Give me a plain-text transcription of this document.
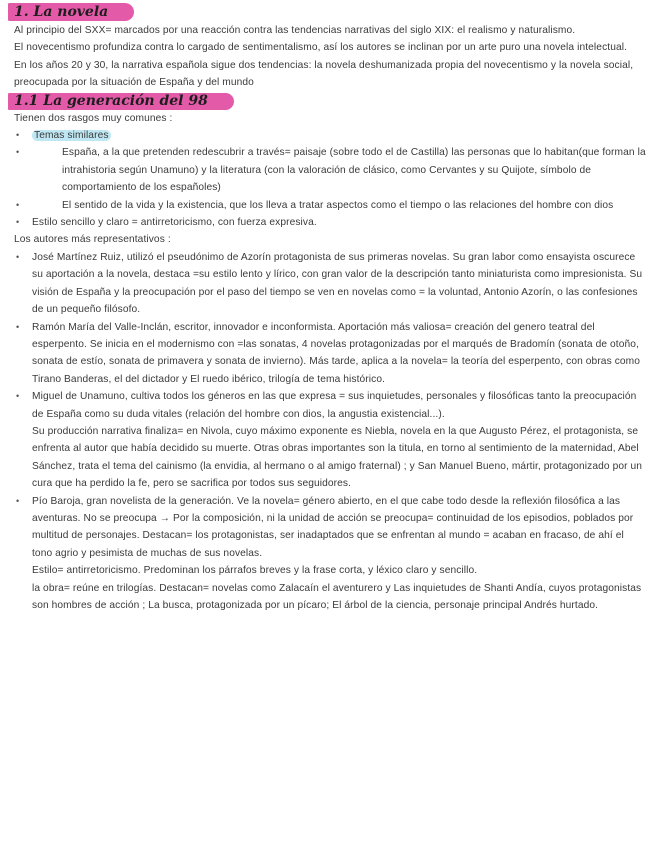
1. La novela

Al principio del SXX= marcados por una reacción contra las tendencias narrativas del siglo XIX: el realismo y naturalismo.

El novecentismo profundiza contra lo cargado de sentimentalismo, así los autores se inclinan por un arte puro una novela intelectual.

En los años 20 y 30, la narrativa española sigue dos tendencias: la novela deshumanizada propia del novecentismo y la novela social, preocupada por la situación de España y del mundo

1.1 La generación del 98

Tienen dos rasgos muy comunes :

• Temas similares

• España, a la que pretenden redescubrir a través= paisaje (sobre todo el de Castilla) las personas que lo habitan(que forman la intrahistoria según Unamuno) y la literatura (con la valoración de clásico, como Cervantes y su Quijote, símbolo de comportamiento de los españoles)

• El sentido de la vida y la existencia, que los lleva a tratar aspectos como el tiempo o las relaciones del hombre con dios

• Estilo sencillo y claro = antirretoricismo, con fuerza expresiva.

Los autores más representativos :

• José Martínez Ruiz, utilizó el pseudónimo de Azorín protagonista de sus primeras novelas. Su gran labor como ensayista oscurece su aportación a la novela, destaca =su estilo lento y lírico, con gran valor de la descripción tanto miniaturista como impresionista. Su visión de España y la preocupación por el paso del tiempo se ven en novelas como = la voluntad, Antonio Azorín, o las confesiones de un pequeño filósofo.

• Ramón María del Valle-Inclán, escritor, innovador e inconformista. Aportación más valiosa= creación del genero teatral del esperpento. Se inicia en el modernismo con =las sonatas, 4 novelas protagonizadas por el marqués de Bradomín (sonata de otoño, sonata de estío, sonata de primavera y sonata de invierno). Más tarde, aplica a la novela= la teoría del esperpento, con obras como Tirano Banderas, el del dictador y El ruedo ibérico, trilogía de tema histórico.

• Miguel de Unamuno, cultiva todos los géneros en las que expresa = sus inquietudes, personales y filosóficas tanto la preocupación de España como su duda vitales (relación del hombre con dios, la angustia existencial...).

Su producción narrativa finaliza= en Nivola, cuyo máximo exponente es Niebla, novela en la que Augusto Pérez, el protagonista, se enfrenta al autor que había decidido su muerte. Otras obras importantes son la titula, en torno al sentimiento de la maternidad, Abel Sánchez, trata el tema del cainismo (la envidia, al hermano o al amigo fraternal) ; y San Manuel Bueno, mártir, protagonizado por un cura que ha perdido la fe, pero se sacrifica por todos sus seguidores.

• Pío Baroja, gran novelista de la generación. Ve la novela= género abierto, en el que cabe todo desde la reflexión filosófica a las aventuras. No se preocupa → Por la composición, ni la unidad de acción se preocupa= continuidad de los episodios, poblados por multitud de personajes. Destacan= los protagonistas, ser inadaptados que se enfrentan al mundo = acaban en fracaso, de ahí el tono agrio y pesimista de muchas de sus novelas.

Estilo= antirretoricismo. Predominan los párrafos breves y la frase corta, y léxico claro y sencillo.

la obra= reúne en trilogías. Destacan= novelas como Zalacaín el aventurero y Las inquietudes de Shanti Andía, cuyos protagonistas son hombres de acción ; La busca, protagonizada por un pícaro; El árbol de la ciencia, personaje principal Andrés hurtado.
